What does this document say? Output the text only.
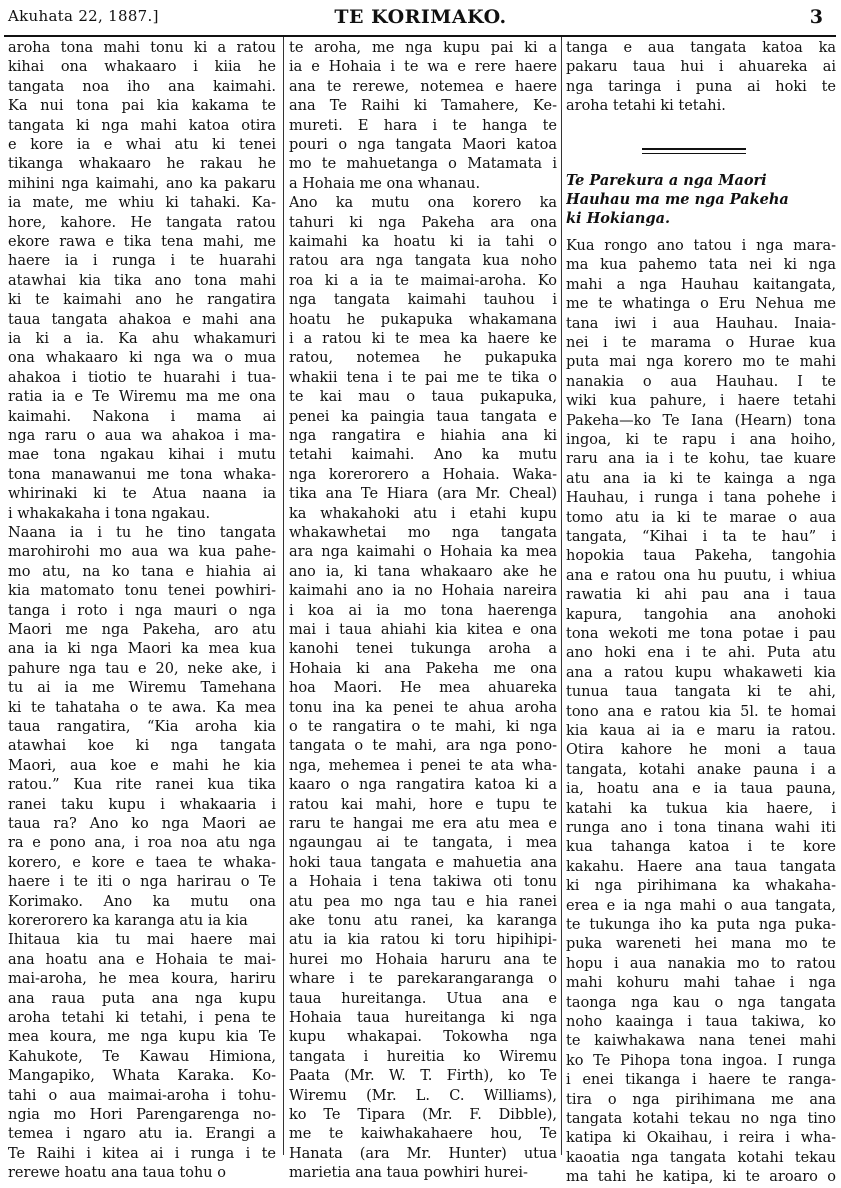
Akuhata 22, 1887.]	TE KORIMAKO.	3
aroha tona mahi tonu ki a ratou
kihai ona whakaaro i kiia he
tangata noa iho ana kaimahi.
Ka nui tona pai kia kakama te
tangata ki nga mahi katoa otira
e kore ia e whai atu ki tenei
tikanga whakaaro he rakau he
mihini nga kaimahi, ano ka pakaru
ia mate, me whiu ki tahaki. Ka-
hore, kahore. He tangata ratou
ekore rawa e tika tena mahi, me
haere ia i runga i te huarahi
atawhai kia tika ano tona mahi
ki te kaimahi ano he rangatira
taua tangata ahakoa e mahi ana
ia ki a ia. Ka ahu whakamuri
ona whakaaro ki nga wa o mua
ahakoa i tiotio te huarahi i tua-
ratia ia e Te Wiremu ma me ona
kaimahi. Nakona i mama ai
nga raru o aua wa ahakoa i ma-
mae tona ngakau kihai i mutu
tona manawanui me tona whaka-
whirinaki ki te Atua naana ia
i whakakaha i tona ngakau.
Naana ia i tu he tino tangata
marohirohi mo aua wa kua pahe-
mo atu, na ko tana e hiahia ai
kia matomato tonu tenei powhiri-
tanga i roto i nga mauri o nga
Maori me nga Pakeha, aro atu
ana ia ki nga Maori ka mea kua
pahure nga tau e 20, neke ake, i
tu ai ia me Wiremu Tamehana
ki te tahataha o te awa. Ka mea
taua rangatira, “Kia aroha kia
atawhai koe ki nga tangata
Maori, aua koe e mahi he kia
ratou.” Kua rite ranei kua tika
ranei taku kupu i whakaaria i
taua ra? Ano ko nga Maori ae
ra e pono ana, i roa noa atu nga
korero, e kore e taea te whaka-
haere i te iti o nga harirau o Te
Korimako. Ano ka mutu ona
korerorero ka karanga atu ia kia
Ihitaua kia tu mai haere mai
ana hoatu ana e Hohaia te mai-
mai-aroha, he mea koura, hariru
ana raua puta ana nga kupu
aroha tetahi ki tetahi, i pena te
mea koura, me nga kupu kia Te
Kahukote, Te Kawau Himiona,
Mangapiko, Whata Karaka. Ko-
tahi o aua maimai-aroha i tohu-
ngia mo Hori Parengarenga no-
temea i ngaro atu ia. Erangi a
Te Raihi i kitea ai i runga i te
rerewe hoatu ana taua tohu o
te aroha, me nga kupu pai ki a
ia e Hohaia i te wa e rere haere
ana te rerewe, notemea e haere
ana Te Raihi ki Tamahere, Ke-
mureti. E hara i te hanga te
pouri o nga tangata Maori katoa
mo te mahuetanga o Matamata i
a Hohaia me ona whanau.
Ano ka mutu ona korero ka
tahuri ki nga Pakeha ara ona
kaimahi ka hoatu ki ia tahi o
ratou ara nga tangata kua noho
roa ki a ia te maimai-aroha. Ko
nga tangata kaimahi tauhou i
hoatu he pukapuka whakamana
i a ratou ki te mea ka haere ke
ratou, notemea he pukapuka
whakii tena i te pai me te tika o
te kai mau o taua pukapuka,
penei ka paingia taua tangata e
nga rangatira e hiahia ana ki
tetahi kaimahi. Ano ka mutu
nga korerorero a Hohaia. Waka-
tika ana Te Hiara (ara Mr. Cheal)
ka whakahoki atu i etahi kupu
whakawhetai mo nga tangata
ara nga kaimahi o Hohaia ka mea
ano ia, ki tana whakaaro ake he
kaimahi ano ia no Hohaia nareira
i koa ai ia mo tona haerenga
mai i taua ahiahi kia kitea e ona
kanohi tenei tukunga aroha a
Hohaia ki ana Pakeha me ona
hoa Maori. He mea ahuareka
tonu ina ka penei te ahua aroha
o te rangatira o te mahi, ki nga
tangata o te mahi, ara nga pono-
nga, mehemea i penei te ata wha-
kaaro o nga rangatira katoa ki a
ratou kai mahi, hore e tupu te
raru te hangai me era atu mea e
ngaungau ai te tangata, i mea
hoki taua tangata e mahuetia ana
a Hohaia i tena takiwa oti tonu
atu pea mo nga tau e hia ranei
ake tonu atu ranei, ka karanga
atu ia kia ratou ki toru hipihipi-
hurei mo Hohaia haruru ana te
whare i te parekarangaranga o
taua hureitanga. Utua ana e
Hohaia taua hureitanga ki nga
kupu whakapai. Tokowha nga
tangata i hureitia ko Wiremu
Paata (Mr. W. T. Firth), ko Te
Wiremu (Mr. L. C. Williams),
ko Te Tipara (Mr. F. Dibble),
me te kaiwhakahaere hou, Te
Hanata (ara Mr. Hunter) utua
marietia ana taua powhiri hurei-
tanga e aua tangata katoa ka
pakaru taua hui i ahuareka ai
nga taringa i puna ai hoki te
aroha tetahi ki tetahi.
Te Parekura a nga Maori
Hauhau ma me nga Pakeha
ki Hokianga.
Kua rongo ano tatou i nga mara-
ma kua pahemo tata nei ki nga
mahi a nga Hauhau kaitangata,
me te whatinga o Eru Nehua me
tana iwi i aua Hauhau. Inaia-
nei i te marama o Hurae kua
puta mai nga korero mo te mahi
nanakia o aua Hauhau. I te
wiki kua pahure, i haere tetahi
Pakeha—ko Te Iana (Hearn) tona
ingoa, ki te rapu i ana hoiho,
raru ana ia i te kohu, tae kuare
atu ana ia ki te kainga a nga
Hauhau, i runga i tana pohehe i
tomo atu ia ki te marae o aua
tangata, “Kihai i ta te hau” i
hopokia taua Pakeha, tangohia
ana e ratou ona hu puutu, i whiua
rawatia ki ahi pau ana i taua
kapura, tangohia ana anohoki
tona wekoti me tona potae i pau
ano hoki ena i te ahi. Puta atu
ana a ratou kupu whakaweti kia
tunua taua tangata ki te ahi,
tono ana e ratou kia 5l. te homai
kia kaua ai ia e maru ia ratou.
Otira kahore he moni a taua
tangata, kotahi anake pauna i a
ia, hoatu ana e ia taua pauna,
katahi ka tukua kia haere, i
runga ano i tona tinana wahi iti
kua tahanga katoa i te kore
kakahu. Haere ana taua tangata
ki nga pirihimana ka whakaha-
erea e ia nga mahi o aua tangata,
te tukunga iho ka puta nga puka-
puka wareneti hei mana mo te
hopu i aua nanakia mo to ratou
mahi kohuru mahi tahae i nga
taonga nga kau o nga tangata
noho kaainga i taua takiwa, ko
te kaiwhakawa nana tenei mahi
ko Te Pihopa tona ingoa. I runga
i enei tikanga i haere te ranga-
tira o nga pirihimana me ana
tangata kotahi tekau no nga tino
katipa ki Okaihau, i reira i wha-
kaoatia nga tangata kotahi tekau
ma tahi he katipa, ki te aroaro o
